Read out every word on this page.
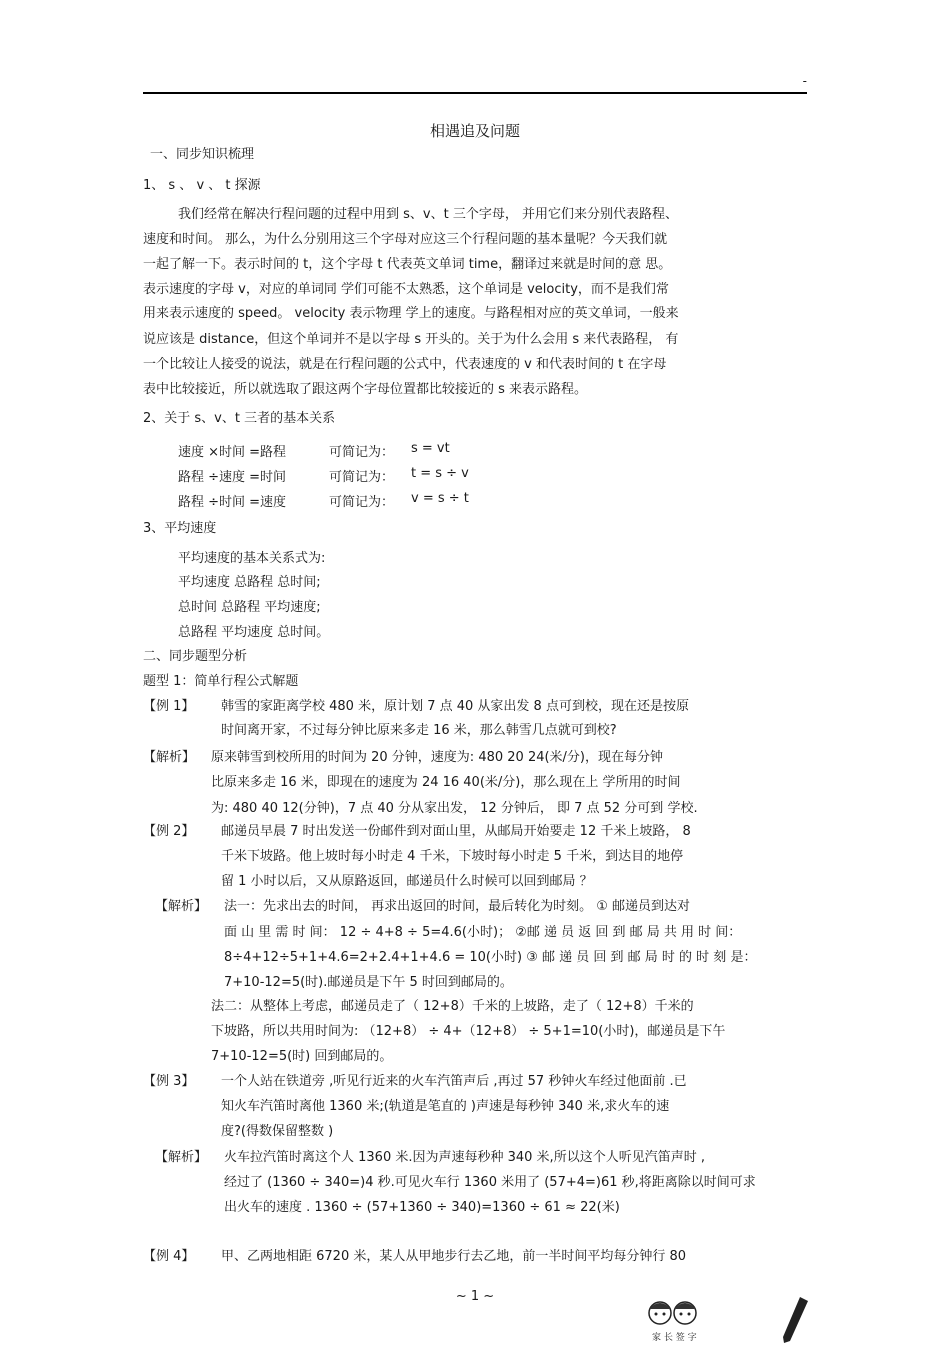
-
相遇追及问题
一、同步知识梳理
1、 s 、 v 、 t 探源
我们经常在解决行程问题的过程中用到 s、v、t 三个字母， 并用它们来分别代表路程、
速度和时间。 那么，为什么分别用这三个字母对应这三个行程问题的基本量呢？今天我们就
一起了解一下。表示时间的 t，这个字母 t 代表英文单词 time，翻译过来就是时间的意 思。
表示速度的字母 v，对应的单词同 学们可能不太熟悉，这个单词是 velocity，而不是我们常
用来表示速度的 speed。 velocity 表示物理 学上的速度。与路程相对应的英文单词，一般来
说应该是 distance，但这个单词并不是以字母 s 开头的。关于为什么会用 s 来代表路程， 有
一个比较让人接受的说法，就是在行程问题的公式中，代表速度的 v 和代表时间的 t 在字母
表中比较接近，所以就选取了跟这两个字母位置都比较接近的 s 来表示路程。
2、关于 s、v、t 三者的基本关系
速度 ×时间 =路程	可简记为： s = vt
路程 ÷速度 =时间	可简记为： t = s ÷ v
路程 ÷时间 =速度	可简记为： v = s ÷ t
3、平均速度
平均速度的基本关系式为:
平均速度 总路程 总时间;
总时间 总路程 平均速度;
总路程 平均速度 总时间。
二、同步题型分析
题型 1：简单行程公式解题
【例 1】 韩雪的家距离学校 480 米，原计划 7 点 40 从家出发 8 点可到校，现在还是按原
时间离开家，不过每分钟比原来多走 16 米，那么韩雪几点就可到校?
【解析】 原来韩雪到校所用的时间为 20 分钟，速度为: 480 20 24(米/分)，现在每分钟
比原来多走 16 米，即现在的速度为 24 16 40(米/分)，那么现在上 学所用的时间
为: 480 40 12(分钟)，7 点 40 分从家出发， 12 分钟后， 即 7 点 52 分可到 学校.
【例 2】 邮递员早晨 7 时出发送一份邮件到对面山里，从邮局开始要走 12 千米上坡路， 8
千米下坡路。他上坡时每小时走 4 千米，下坡时每小时走 5 千米，到达目的地停
留 1 小时以后，又从原路返回，邮递员什么时候可以回到邮局 ？
【解析】 法一：先求出去的时间， 再求出返回的时间，最后转化为时刻。 ① 邮递员到达对
面 山 里 需 时 间： 12 ÷ 4+8 ÷ 5=4.6(小时)； ②邮 递 员 返 回 到 邮 局 共 用 时 间：
8÷4+12÷5+1+4.6=2+2.4+1+4.6 = 10(小时) ③ 邮 递 员 回 到 邮 局 时 的 时 刻 是：
7+10-12=5(时).邮递员是下午 5 时回到邮局的。
法二：从整体上考虑，邮递员走了（ 12+8）千米的上坡路，走了（ 12+8）千米的
下坡路，所以共用时间为: （12+8） ÷ 4+（12+8） ÷ 5+1=10(小时)，邮递员是下午
7+10-12=5(时) 回到邮局的。
【例 3】 一个人站在铁道旁 ,听见行近来的火车汽笛声后 ,再过 57 秒钟火车经过他面前 .已
知火车汽笛时离他 1360 米;(轨道是笔直的 )声速是每秒钟 340 米,求火车的速
度?(得数保留整数 )
【解析】 火车拉汽笛时离这个人 1360 米.因为声速每秒种 340 米,所以这个人听见汽笛声时 ,
经过了 (1360 ÷ 340=)4 秒.可见火车行 1360 米用了 (57+4=)61 秒,将距离除以时间可求
出火车的速度 . 1360 ÷ (57+1360 ÷ 340)=1360 ÷ 61 ≈ 22(米)
【例 4】 甲、乙两地相距 6720 米，某人从甲地步行去乙地，前一半时间平均每分钟行 80
~ 1 ~
家 长 签 字
